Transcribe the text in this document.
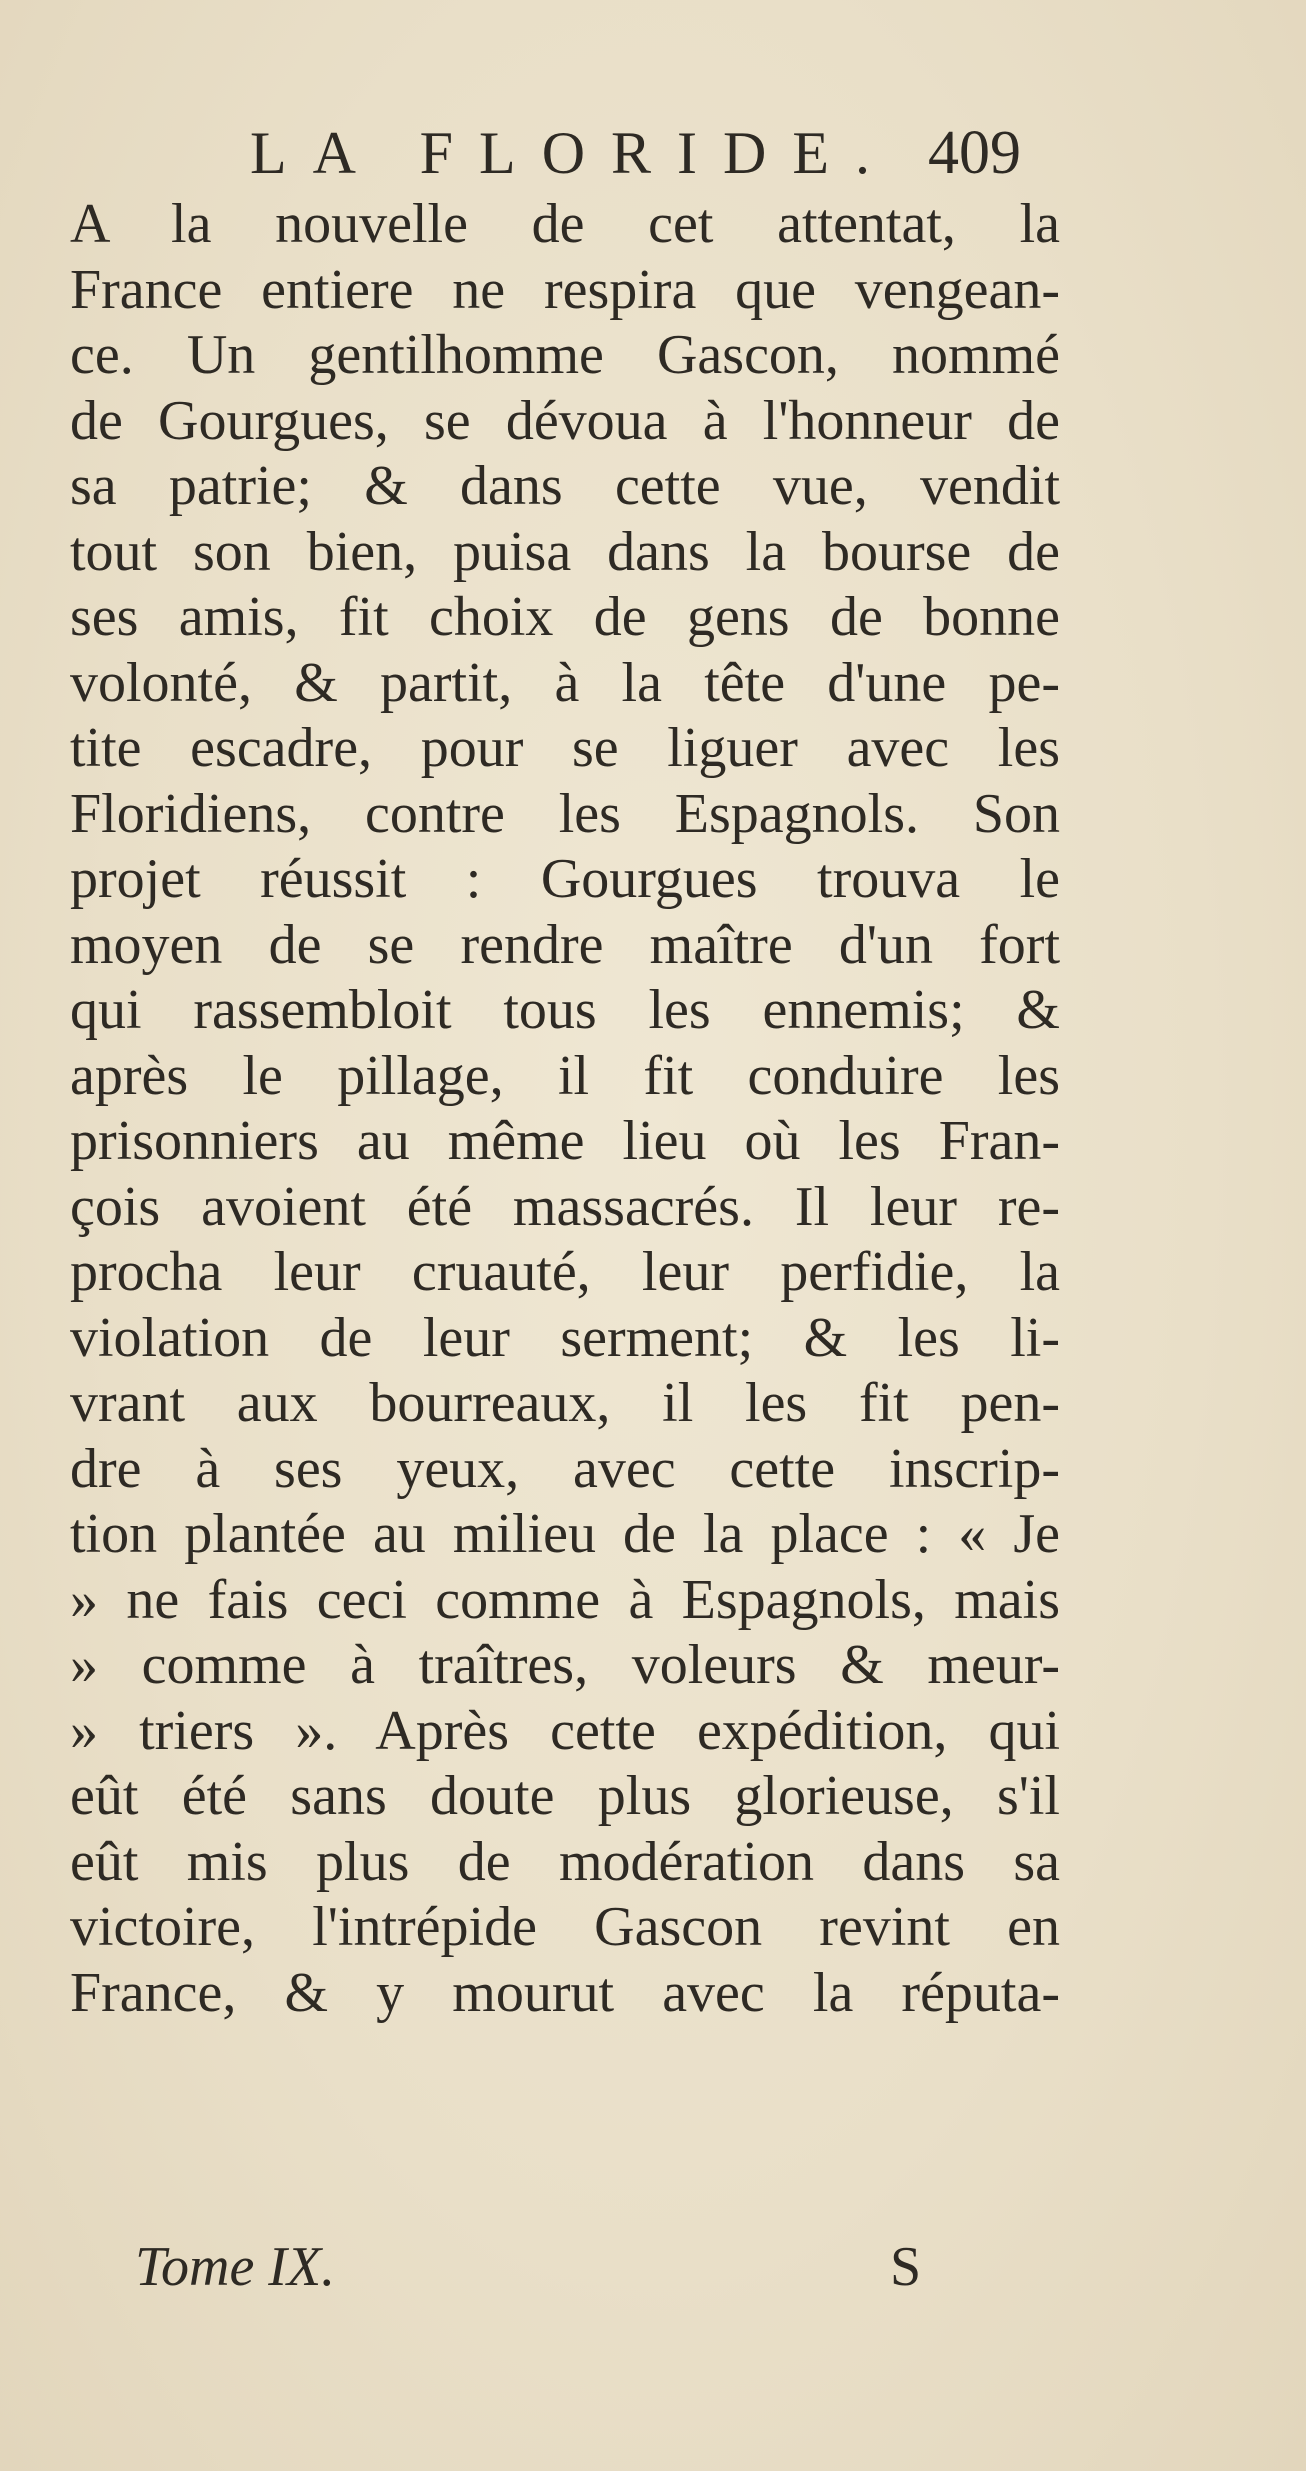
LA FLORIDE. 409
A la nouvelle de cet attentat, la
France entiere ne respira que vengean-
ce. Un gentilhomme Gascon, nommé
de Gourgues, se dévoua à l'honneur de
sa patrie; & dans cette vue, vendit
tout son bien, puisa dans la bourse de
ses amis, fit choix de gens de bonne
volonté, & partit, à la tête d'une pe-
tite escadre, pour se liguer avec les
Floridiens, contre les Espagnols. Son
projet réussit : Gourgues trouva le
moyen de se rendre maître d'un fort
qui rassembloit tous les ennemis; &
après le pillage, il fit conduire les
prisonniers au même lieu où les Fran-
çois avoient été massacrés. Il leur re-
procha leur cruauté, leur perfidie, la
violation de leur serment; & les li-
vrant aux bourreaux, il les fit pen-
dre à ses yeux, avec cette inscrip-
tion plantée au milieu de la place : « Je
» ne fais ceci comme à Espagnols, mais
» comme à traîtres, voleurs & meur-
» triers ». Après cette expédition, qui
eût été sans doute plus glorieuse, s'il
eût mis plus de modération dans sa
victoire, l'intrépide Gascon revint en
France, & y mourut avec la réputa-
Tome IX.	S
